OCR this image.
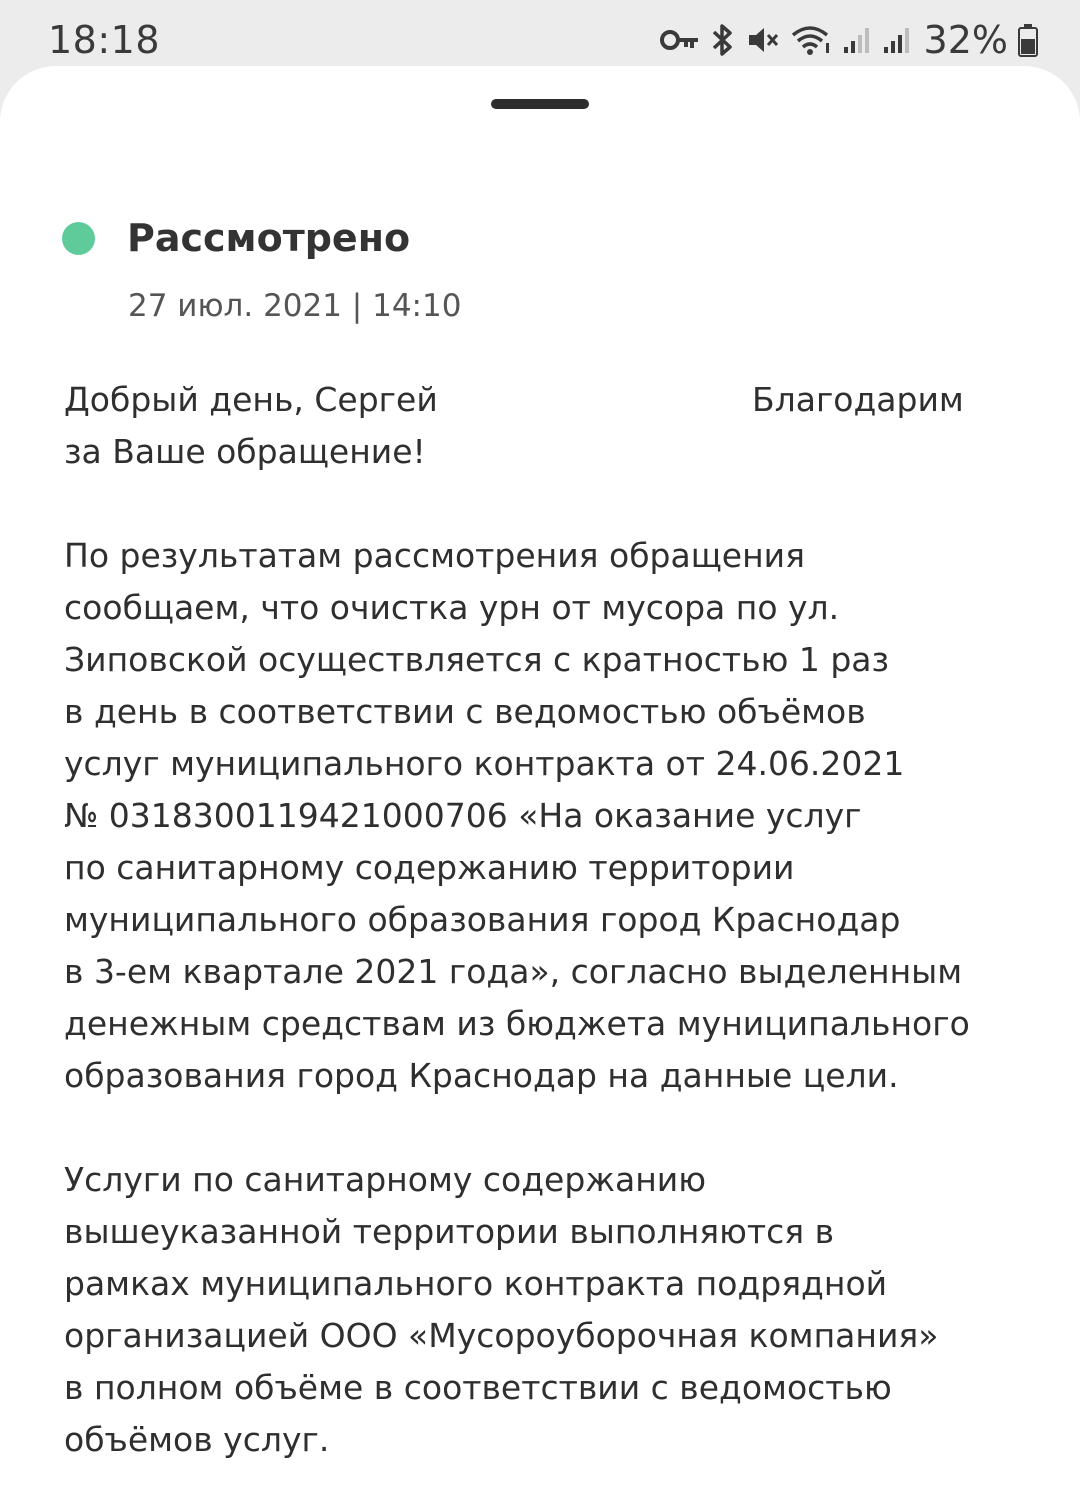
18:18	32%
Рассмотрено
27 июл. 2021 | 14:10
Добрый день, Сергей	Благодарим
за Ваше обращение!
По результатам рассмотрения обращения
сообщаем, что очистка урн от мусора по ул.
Зиповской осуществляется с кратностью 1 раз
в день в соответствии с ведомостью объёмов
услуг муниципального контракта от 24.06.2021
№ 0318300119421000706 «На оказание услуг
по санитарному содержанию территории
муниципального образования город Краснодар
в 3-ем квартале 2021 года», согласно выделенным
денежным средствам из бюджета муниципального
образования город Краснодар на данные цели.
Услуги по санитарному содержанию
вышеуказанной территории выполняются в
рамках муниципального контракта подрядной
организацией ООО «Мусороуборочная компания»
в полном объёме в соответствии с ведомостью
объёмов услуг.
